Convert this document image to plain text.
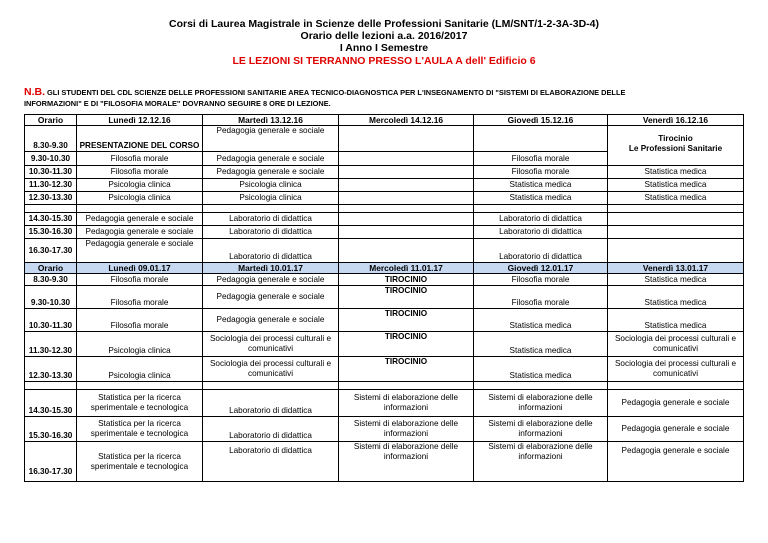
Corsi di Laurea Magistrale in Scienze delle Professioni Sanitarie (LM/SNT/1-2-3A-3D-4)
Orario delle lezioni a.a. 2016/2017
I Anno I Semestre
LE LEZIONI SI TERRANNO PRESSO L'AULA A dell' Edificio 6
N.B. GLI STUDENTI DEL CDL SCIENZE DELLE PROFESSIONI SANITARIE AREA TECNICO-DIAGNOSTICA PER L'INSEGNAMENTO DI "SISTEMI DI ELABORAZIONE DELLE
INFORMAZIONI" E DI "FILOSOFIA MORALE" DOVRANNO SEGUIRE 8 ORE DI LEZIONE.
Orario	Lunedì 12.12.16	Martedì 13.12.16	Mercoledì 14.12.16	Giovedì 15.12.16	Venerdì 16.12.16
8.30-9.30	PRESENTAZIONE DEL CORSO	Pedagogia generale e sociale			Tirocinio
Le Professioni Sanitarie

9.30-10.30	Filosofia morale	Pedagogia generale e sociale		Filosofia morale	
10.30-11.30	Filosofia morale	Pedagogia generale e sociale		Filosofia morale	Statistica medica
11.30-12.30	Psicologia clinica	Psicologia clinica		Statistica medica	Statistica medica
12.30-13.30	Psicologia clinica	Psicologia clinica		Statistica medica	Statistica medica

14.30-15.30	Pedagogia generale e sociale	Laboratorio di didattica		Laboratorio di didattica	
15.30-16.30	Pedagogia generale e sociale	Laboratorio di didattica		Laboratorio di didattica	
16.30-17.30	Pedagogia generale e sociale	Laboratorio di didattica		Laboratorio di didattica	
Orario	Lunedì 09.01.17	Martedì 10.01.17	Mercoledì 11.01.17	Giovedì 12.01.17	Venerdì 13.01.17
8.30-9.30	Filosofia morale	Pedagogia generale e sociale	TIROCINIO	Filosofia morale	Statistica medica
9.30-10.30	Filosofia morale	Pedagogia generale e sociale	TIROCINIO	Filosofia morale	Statistica medica
10.30-11.30	Filosofia morale	Pedagogia generale e sociale	TIROCINIO	Statistica medica	Statistica medica
11.30-12.30	Psicologia clinica	Sociologia dei processi culturali e comunicativi	TIROCINIO	Statistica medica	Sociologia dei processi culturali e comunicativi
12.30-13.30	Psicologia clinica	Sociologia dei processi culturali e comunicativi	TIROCINIO	Statistica medica	Sociologia dei processi culturali e comunicativi

14.30-15.30	Statistica per la ricerca sperimentale e tecnologica	Laboratorio di didattica	Sistemi di elaborazione delle informazioni	Sistemi di elaborazione delle informazioni	Pedagogia generale e sociale
15.30-16.30	Statistica per la ricerca sperimentale e tecnologica	Laboratorio di didattica	Sistemi di elaborazione delle informazioni	Sistemi di elaborazione delle informazioni	Pedagogia generale e sociale
16.30-17.30	Statistica per la ricerca sperimentale e tecnologica	Laboratorio di didattica	Sistemi di elaborazione delle informazioni	Sistemi di elaborazione delle informazioni	Pedagogia generale e sociale
